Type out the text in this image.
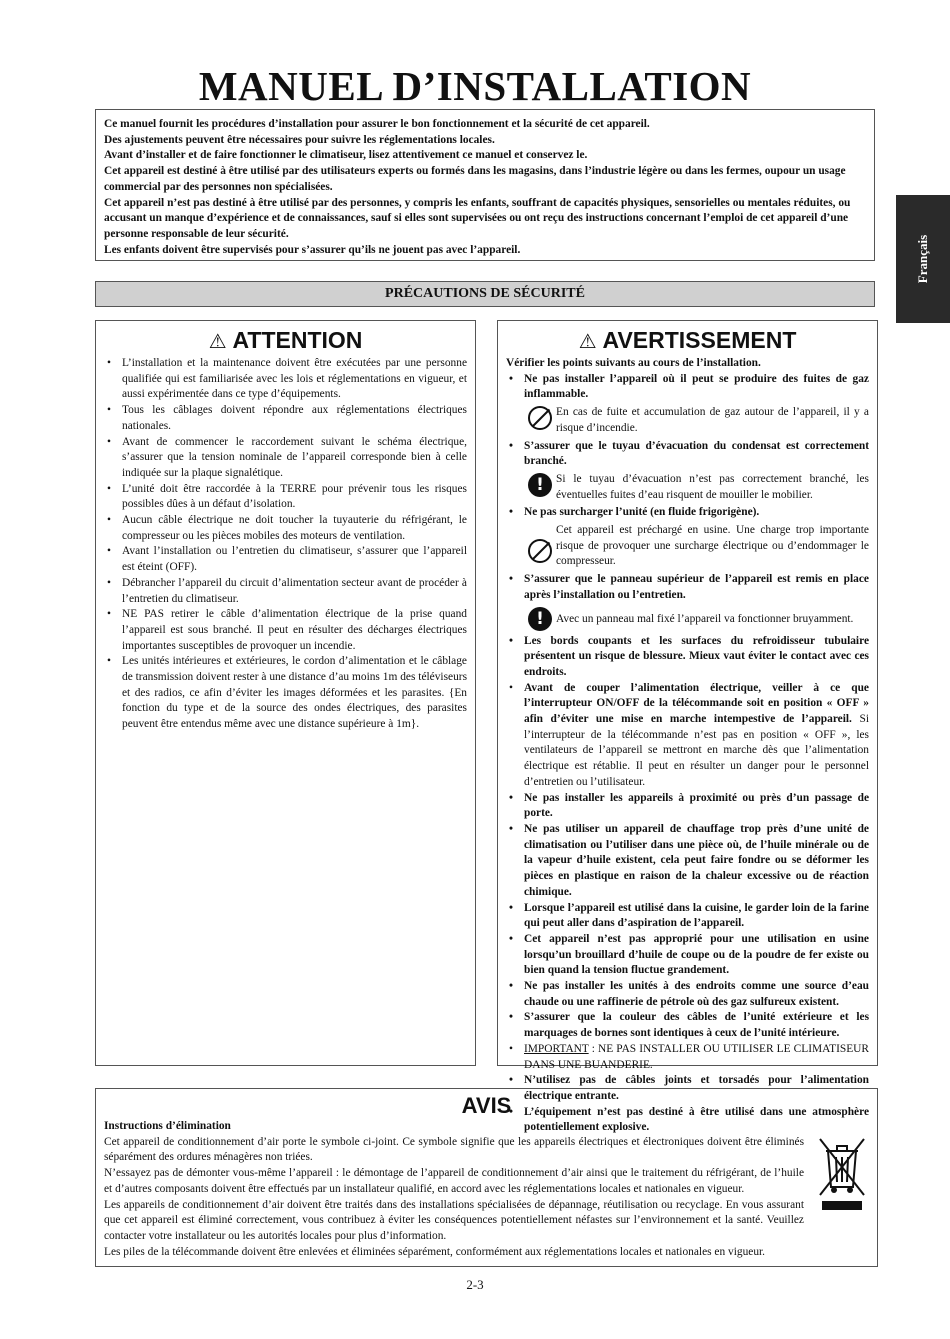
MANUEL D’INSTALLATION
Français

Ce manuel fournit les procédures d’installation pour assurer le bon fonctionnement et la sécurité de cet appareil.

Des ajustements peuvent être nécessaires pour suivre les réglementations locales.

Avant d’installer et de faire fonctionner le climatiseur, lisez attentivement ce manuel et conservez le.

Cet appareil est destiné à être utilisé par des utilisateurs experts ou formés dans les magasins, dans l’industrie légère ou dans les fermes, oupour un usage commercial par des personnes non spécialisées.

Cet appareil n’est pas destiné à être utilisé par des personnes, y compris les enfants, souffrant de capacités physiques, sensorielles ou mentales réduites, ou accusant un manque d’expérience et de connaissances, sauf si elles sont supervisées ou ont reçu des instructions concernant l’emploi de cet appareil d’une personne responsable de leur sécurité.

Les enfants doivent être supervisés pour s’assurer qu’ils ne jouent pas avec l’appareil.

PRÉCAUTIONS DE SÉCURITÉ
⚠ ATTENTION
• L’installation et la maintenance doivent être exécutées par une personne qualifiée qui est familiarisée avec les lois et réglementations en vigueur, et aussi expérimentée dans ce type d’équipements.
• Tous les câblages doivent répondre aux réglementations électriques nationales.
• Avant de commencer le raccordement suivant le schéma électrique, s’assurer que la tension nominale de l’appareil corresponde bien à celle indiquée sur la plaque signalétique.
• L’unité doit être raccordée à la TERRE pour prévenir tous les risques possibles dûes à un défaut d’isolation.
• Aucun câble électrique ne doit toucher la tuyauterie du réfrigérant, le compresseur ou les pièces mobiles des moteurs de ventilation.
• Avant l’installation ou l’entretien du climatiseur, s’assurer que l’appareil est éteint (OFF).
• Débrancher l’appareil du circuit d’alimentation secteur avant de procéder à l’entretien du climatiseur.
• NE PAS retirer le câble d’alimentation électrique de la prise quand l’appareil est sous branché. Il peut en résulter des décharges électriques importantes susceptibles de provoquer un incendie.
• Les unités intérieures et extérieures, le cordon d’alimentation et le câblage de transmission doivent rester à une distance d’au moins 1m des téléviseurs et des radios, ce afin d’éviter les images déformées et les parasites. {En fonction du type et de la source des ondes électriques, des parasites peuvent être entendus même avec une distance supérieure à 1m}.
⚠ AVERTISSEMENT

Vérifier les points suivants au cours de l’installation.

• Ne pas installer l’appareil où il peut se produire des fuites de gaz inflammable.
En cas de fuite et accumulation de gaz autour de l’appareil, il y a risque d’incendie.
• S’assurer que le tuyau d’évacuation du condensat est correctement branché.
!	Si le tuyau d’évacuation n’est pas correctement branché, les éventuelles fuites d’eau risquent de mouiller le mobilier.
• Ne pas surcharger l’unité (en fluide frigorigène).
Cet appareil est préchargé en usine. Une charge trop importante risque de provoquer une surcharge électrique ou d’endommager le compresseur.
• S’assurer que le panneau supérieur de l’appareil est remis en place après l’installation ou l’entretien.
!	Avec un panneau mal fixé l’appareil va fonctionner bruyamment.
• Les bords coupants et les surfaces du refroidisseur tubulaire présentent un risque de blessure. Mieux vaut éviter le contact avec ces endroits.
• Avant de couper l’alimentation électrique, veiller à ce que l’interrupteur ON/OFF de la télécommande soit en position « OFF » afin d’éviter une mise en marche intempestive de l’appareil. Si l’interrupteur de la télécommande n’est pas en position « OFF », les ventilateurs de l’appareil se mettront en marche dès que l’alimentation électrique est rétablie. Il peut en résulter un danger pour le personnel d’entretien ou l’utilisateur.
• Ne pas installer les appareils à proximité ou près d’un passage de porte.
• Ne pas utiliser un appareil de chauffage trop près d’une unité de climatisation ou l’utiliser dans une pièce où, de l’huile minérale ou de la vapeur d’huile existent, cela peut faire fondre ou se déformer les pièces en plastique en raison de la chaleur excessive ou de réaction chimique.
• Lorsque l’appareil est utilisé dans la cuisine, le garder loin de la farine qui peut aller dans d’aspiration de l’appareil.
• Cet appareil n’est pas approprié pour une utilisation en usine lorsqu’un brouillard d’huile de coupe ou de la poudre de fer existe ou bien quand la tension fluctue grandement.
• Ne pas installer les unités à des endroits comme une source d’eau chaude ou une raffinerie de pétrole où des gaz sulfureux existent.
• S’assurer que la couleur des câbles de l’unité extérieure et les marquages de bornes sont identiques à ceux de l’unité intérieure.
• IMPORTANT : NE PAS INSTALLER OU UTILISER LE CLIMATISEUR DANS UNE BUANDERIE.
• N’utilisez pas de câbles joints et torsadés pour l’alimentation électrique entrante.
• L’équipement n’est pas destiné à être utilisé dans une atmosphère potentiellement explosive.
AVIS

Instructions d’élimination

Cet appareil de conditionnement d’air porte le symbole ci-joint. Ce symbole signifie que les appareils électriques et électroniques doivent être éliminés séparément des ordures ménagères non triées.

N’essayez pas de démonter vous-même l’appareil : le démontage de l’appareil de conditionnement d’air ainsi que le traitement du réfrigérant, de l’huile et d’autres composants doivent être effectués par un installateur qualifié, en accord avec les réglementations locales et nationales en vigueur.

Les appareils de conditionnement d’air doivent être traités dans des installations spécialisées de dépannage, réutilisation ou recyclage. En vous assurant que cet appareil est éliminé correctement, vous contribuez à éviter les conséquences potentiellement néfastes sur l’environnement et la santé. Veuillez contacter votre installateur ou les autorités locales pour plus d’information.

Les piles de la télécommande doivent être enlevées et éliminées séparément, conformément aux réglementations locales et nationales en vigueur.

2-3
